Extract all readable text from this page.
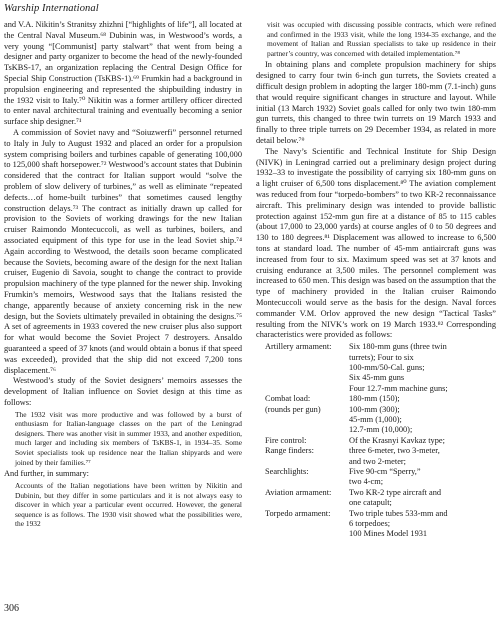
Warship International

and V.A. Nikitin’s Stranitsy zhizhni [“highlights of life”], all located at the Central Naval Museum.⁶⁸ Dubinin was, in Westwood’s words, a very young “[Communist] party stalwart” that went from being a designer and party organizer to become the head of the newly-founded TsKBS-17, an organization replacing the Central Design Office for Special Ship Construction (TsKBS-1).⁶⁹ Frumkin had a background in propulsion engineering and represented the shipbuilding industry in the 1932 visit to Italy.⁷⁰ Nikitin was a former artillery officer directed to enter naval architectural training and eventually becoming a senior surface ship designer.⁷¹

A commission of Soviet navy and “Soiuzwerfi” personnel returned to Italy in July to August 1932 and placed an order for a propulsion system comprising boilers and turbines capable of generating 100,000 to 125,000 shaft horsepower.⁷² Westwood’s account states that Dubinin considered that the contract for Italian support would “solve the problem of slow delivery of turbines,” as well as eliminate “repeated defects…of home-built turbines” that sometimes caused lengthy construction delays.⁷³ The contract as initially drawn up called for provision to the Soviets of working drawings for the new Italian cruiser Raimondo Montecuccoli, as well as turbines, boilers, and associated equipment of this type for use in the lead Soviet ship.⁷⁴ Again according to Westwood, the details soon became complicated because the Soviets, becoming aware of the design for the next Italian cruiser, Eugenio di Savoia, sought to change the contract to provide propulsion machinery of the type planned for the newer ship. Invoking Frumkin’s memoirs, Westwood says that the Italians resisted the change, apparently because of anxiety concerning risk in the new design, but the Soviets ultimately prevailed in obtaining the designs.⁷⁵ A set of agreements in 1933 covered the new cruiser plus also support for what would become the Soviet Project 7 destroyers. Ansaldo guaranteed a speed of 37 knots (and would obtain a bonus if that speed was exceeded), provided that the ship did not exceed 7,200 tons displacement.⁷⁶

Westwood’s study of the Soviet designers’ memoirs assesses the development of Italian influence on Soviet design at this time as follows:

The 1932 visit was more productive and was followed by a burst of enthusiasm for Italian-language classes on the part of the Leningrad designers. There was another visit in summer 1933, and another expedition, much larger and including six members of TsKBS-1, in 1934–35. Some Soviet specialists took up residence near the Italian shipyards and were joined by their families.⁷⁷

And further, in summary:

Accounts of the Italian negotiations have been written by Nikitin and Dubinin, but they differ in some particulars and it is not always easy to discover in which year a particular event occurred. However, the general sequence is as follows. The 1930 visit showed what the possibilities were, the 1932

visit was occupied with discussing possible contracts, which were refined and confirmed in the 1933 visit, while the long 1934-35 exchange, and the movement of Italian and Russian specialists to take up residence in their partner’s country, was concerned with detailed implementation.⁷⁸

In obtaining plans and complete propulsion machinery for ships designed to carry four twin 6-inch gun turrets, the Soviets created a difficult design problem in adopting the larger 180-mm (7.1-inch) guns that would require significant changes in structure and layout. While initial (13 March 1932) Soviet goals called for only two twin 180-mm gun turrets, this changed to three twin turrets on 19 March 1933 and finally to three triple turrets on 29 December 1934, as related in more detail below.⁷⁹

The Navy’s Scientific and Technical Institute for Ship Design (NIVK) in Leningrad carried out a preliminary design project during 1932–33 to investigate the possibility of carrying six 180-mm guns on a light cruiser of 6,500 tons displacement.⁸⁰ The aviation complement was reduced from four “torpedo-bombers” to two KR-2 reconnaissance aircraft. This preliminary design was intended to provide ballistic protection against 152-mm gun fire at a distance of 85 to 115 cables (about 17,000 to 23,000 yards) at course angles of 0 to 50 degrees and 130 to 180 degrees.⁸¹ Displacement was allowed to increase to 6,500 tons at standard load. The number of 45-mm antiaircraft guns was increased from four to six. Maximum speed was set at 37 knots and cruising endurance at 3,500 miles. The personnel complement was increased to 650 men. This design was based on the assumption that the type of machinery provided in the Italian cruiser Raimondo Montecuccoli would serve as the basis for the design. Naval forces commander V.M. Orlov approved the new design “Tactical Tasks” resulting from the NIVK’s work on 19 March 1933.⁸² Corresponding characteristics were provided as follows:

Artillery armament:	Six 180-mm guns (three twin
turrets); Four to six
100-mm/50-Cal. guns;
Six 45-mm guns
Four 12.7-mm machine guns;
Combat load:	180-mm (150);
(rounds per gun)	100-mm (300);
45-mm (1,000);
12.7-mm (10,000);
Fire control:	Of the Krasnyi Kavkaz type;
Range finders:	three 6-meter, two 3-meter,
and two 2-meter;
Searchlights:	Five 90-cm “Sperry,”
two 4-cm;
Aviation armament:	Two KR-2 type aircraft and
one catapult;
Torpedo armament:	Two triple tubes 533-mm and
6 torpedoes;
100 Mines Model 1931
306
